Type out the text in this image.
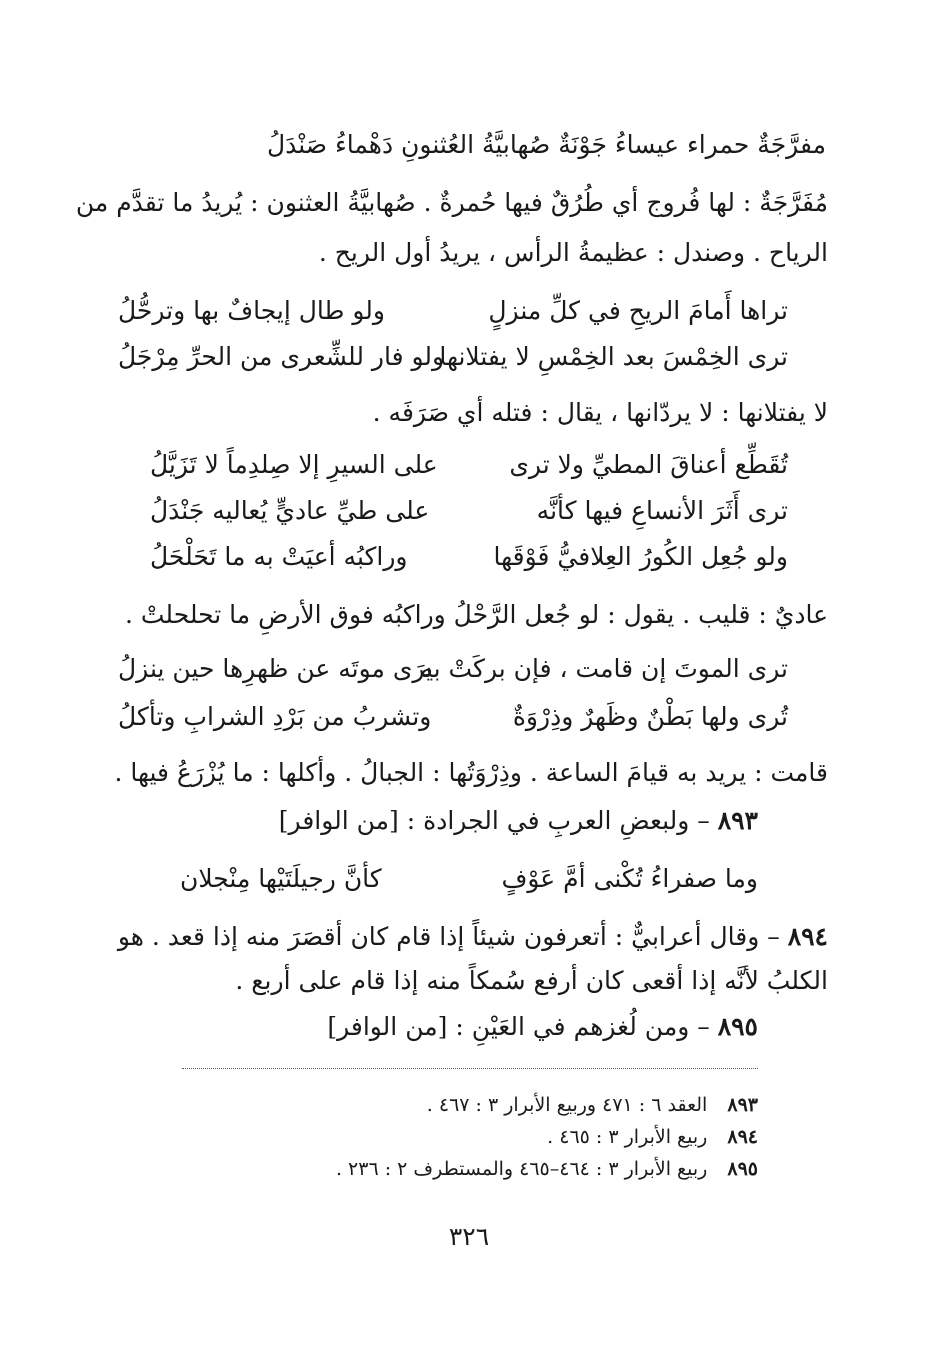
مفرَّجَةٌ حمراء عيساءُ جَوْنَةٌ صُهابيَّةُ العُثنونِ دَهْماءُ صَنْدَلُ
مُفَرَّجَةٌ : لها فُروج أي طُرُقٌ فيها حُمرةٌ . صُهابيَّةُ العثنون : يُريدُ ما تقدَّم من
الرياح . وصندل : عظيمةُ الرأس ، يريدُ أول الريح .
تراها أَمامَ الريحِ في كلِّ منزلٍ
ولو طال إيجافٌ بها وترحُّلُ
ترى الخِمْسَ بعد الخِمْسِ لا يفتلانها
ولو فار للشِّعرى من الحرِّ مِرْجَلُ
لا يفتلانها : لا يردّانها ، يقال : فتله أي صَرَفَه .
تُقَطِّع أعناقَ المطيِّ ولا ترى
على السيرِ إلا صِلدِماً لا تَزَيَّلُ
ترى أَثَرَ الأنساعِ فيها كأنَّه
على طيِّ عاديٍّ يُعاليه جَنْدَلُ
ولو جُعِل الكُورُ العِلافيُّ فَوْقَها
وراكبُه أعيَتْ به ما تَحَلْحَلُ
عاديٌ : قليب . يقول : لو جُعل الرَّحْلُ وراكبُه فوق الأرضِ ما تحلحلتْ .
ترى الموتَ إن قامت ، فإن بركَتْ به
يرَى موتَه عن ظهرِها حين ينزلُ
تُرى ولها بَطْنٌ وظَهرٌ وذِرْوَةٌ
وتشربُ من بَرْدِ الشرابِ وتأكلُ
قامت : يريد به قيامَ الساعة . وذِرْوَتُها : الجبالُ . وأكلها : ما يُزْرَعُ فيها .
٨٩٣ – ولبعضِ العربِ في الجرادة : [من الوافر]
وما صفراءُ تُكْنى أمَّ عَوْفٍ
كأنَّ رجيلَتَيْها مِنْجلان
٨٩٤ – وقال أعرابيٌّ : أتعرفون شيئاً إذا قام كان أقصَرَ منه إذا قعد . هو
الكلبُ لأنَّه إذا أقعى كان أرفع سُمكاً منه إذا قام على أربع .
٨٩٥ – ومن لُغزهم في العَيْنِ : [من الوافر]
٨٩٣ العقد ٦ : ٤٧١ وربيع الأبرار ٣ : ٤٦٧ .
٨٩٤ ربيع الأبرار ٣ : ٤٦٥ .
٨٩٥ ربيع الأبرار ٣ : ٤٦٤–٤٦٥ والمستطرف ٢ : ٢٣٦ .
٣٢٦
